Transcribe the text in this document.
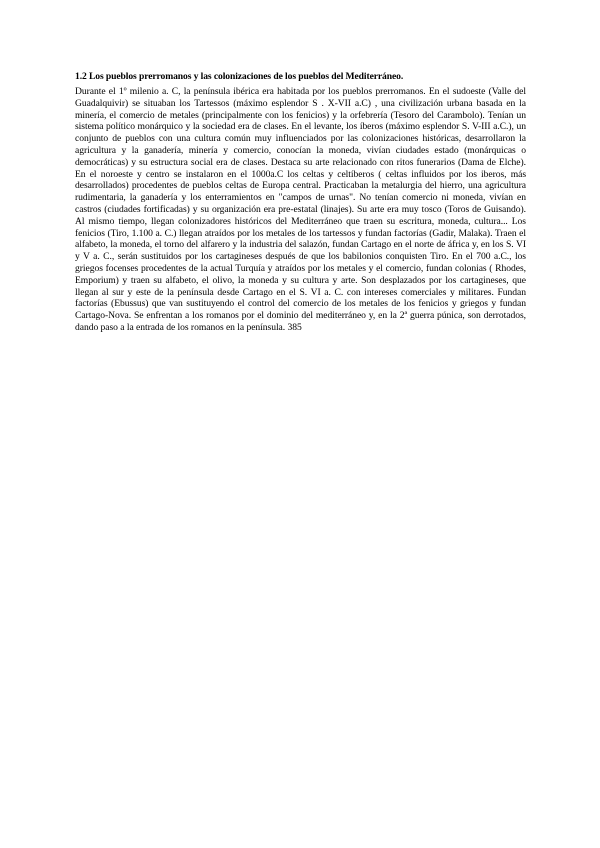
1.2 Los pueblos prerromanos y las colonizaciones de los pueblos del Mediterráneo.

Durante el 1º milenio a. C, la península ibérica era habitada por los pueblos prerromanos. En el sudoeste (Valle del Guadalquivir) se situaban los Tartessos (máximo esplendor S . X-VII a.C) , una civilización urbana basada en la minería, el comercio de metales (principalmente con los fenicios) y la orfebrería (Tesoro del Carambolo). Tenían un sistema político monárquico y la sociedad era de clases. En el levante, los íberos (máximo esplendor S. V-III a.C.), un conjunto de pueblos con una cultura común muy influenciados por las colonizaciones históricas, desarrollaron la agricultura y la ganadería, minería y comercio, conocían la moneda, vivían ciudades estado (monárquicas o democráticas) y su estructura social era de clases. Destaca su arte relacionado con ritos funerarios (Dama de Elche). En el noroeste y centro se instalaron en el 1000a.C los celtas y celtíberos ( celtas influidos por los iberos, más desarrollados) procedentes de pueblos celtas de Europa central. Practicaban la metalurgia del hierro, una agricultura rudimentaria, la ganadería y los enterramientos en "campos de urnas". No tenían comercio ni moneda, vivían en castros (ciudades fortificadas) y su organización era pre-estatal (linajes). Su arte era muy tosco (Toros de Guisando). Al mismo tiempo, llegan colonizadores históricos del Mediterráneo que traen su escritura, moneda, cultura... Los fenicios (Tiro, 1.100 a. C.) llegan atraídos por los metales de los tartessos y fundan factorías (Gadir, Malaka). Traen el alfabeto, la moneda, el torno del alfarero y la industria del salazón, fundan Cartago en el norte de áfrica y, en los S. VI y V a. C., serán sustituidos por los cartagineses después de que los babilonios conquisten Tiro. En el 700 a.C., los griegos focenses procedentes de la actual Turquía y atraídos por los metales y el comercio, fundan colonias ( Rhodes, Emporium) y traen su alfabeto, el olivo, la moneda y su cultura y arte. Son desplazados por los cartagineses, que llegan al sur y este de la península desde Cartago en el S. VI a. C. con intereses comerciales y militares. Fundan factorías (Ebussus) que van sustituyendo el control del comercio de los metales de los fenicios y griegos y fundan Cartago-Nova. Se enfrentan a los romanos por el dominio del mediterráneo y, en la 2ª guerra púnica, son derrotados, dando paso a la entrada de los romanos en la península. 385
